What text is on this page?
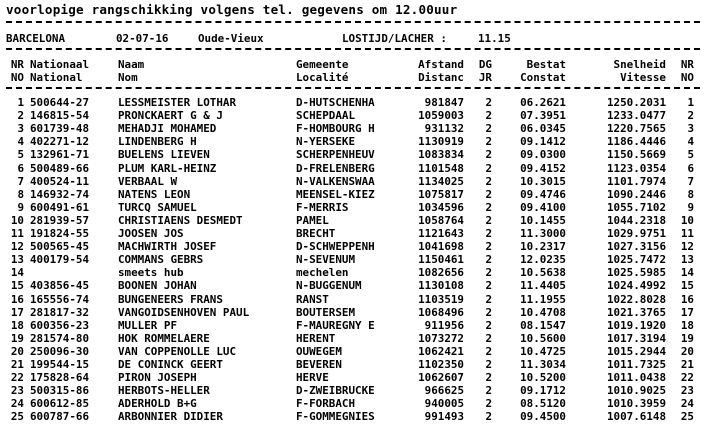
voorlopige rangschikking volgens tel. gegevens om 12.00uur

BARCELONA

	02-07-16

	Oude-Vieux

	LOSTIJD/LACHER :

	11.15

NR Nationaal	Naam	Gemeente	Afstand	DG	Bestat	Snelheid	NR
NO National	Nom	Localité	Distanc	JR	Constat	Vitesse	NO

1 500644-27	LESSMEISTER LOTHAR	D-HUTSCHENHA	981847	2	06.2621	1250.2031	1
2 146815-54	PRONCKAERT G & J	SCHEPDAAL	1059003	2	07.3951	1233.0477	2
3 601739-48	MEHADJI MOHAMED	F-HOMBOURG H	931132	2	06.0345	1220.7565	3
4 402271-12	LINDENBERG H	N-YERSEKE	1130919	2	09.1412	1186.4446	4
5 132961-71	BUELENS LIEVEN	SCHERPENHEUV	1083834	2	09.0300	1150.5669	5
6 500489-66	PLUM KARL-HEINZ	D-FRELENBERG	1101548	2	09.4152	1123.0354	6
7 400524-11	VERBAAL W	N-VALKENSWAA	1134025	2	10.3015	1101.7974	7
8 146932-74	NATENS LEON	MEENSEL-KIEZ	1075817	2	09.4746	1090.2446	8
9 600491-61	TURCQ SAMUEL	F-MERRIS	1034596	2	09.4100	1055.7102	9
10 281939-57	CHRISTIAENS DESMEDT	PAMEL	1058764	2	10.1455	1044.2318	10
11 191824-55	JOOSEN JOS	BRECHT	1121643	2	11.3000	1029.9751	11
12 500565-45	MACHWIRTH JOSEF	D-SCHWEPPENH	1041698	2	10.2317	1027.3156	12
13 400179-54	COMMANS GEBRS	N-SEVENUM	1150461	2	12.0235	1025.7472	13
14	smeets hub	mechelen	1082656	2	10.5638	1025.5985	14
15 403856-45	BOONEN JOHAN	N-BUGGENUM	1130108	2	11.4405	1024.4992	15
16 165556-74	BUNGENEERS FRANS	RANST	1103519	2	11.1955	1022.8028	16
17 281817-32	VANGOIDSENHOVEN PAUL	BOUTERSEM	1068496	2	10.4708	1021.3765	17
18 600356-23	MULLER PF	F-MAUREGNY E	911956	2	08.1547	1019.1920	18
19 281574-80	HOK ROMMELAERE	HERENT	1073272	2	10.5600	1017.3194	19
20 250096-30	VAN COPPENOLLE LUC	OUWEGEM	1062421	2	10.4725	1015.2944	20
21 199544-15	DE CONINCK GEERT	BEVEREN	1102350	2	11.3034	1011.7325	21
22 175828-64	PIRON JOSEPH	HERVE	1062607	2	10.5200	1011.0438	22
23 500315-86	HERBOTS-HELLER	D-ZWEIBRUCKE	966625	2	09.1712	1010.9025	23
24 600612-85	ADERHOLD B+G	F-FORBACH	940005	2	08.5120	1010.3959	24
25 600787-66	ARBONNIER DIDIER	F-GOMMEGNIES	991493	2	09.4500	1007.6148	25
